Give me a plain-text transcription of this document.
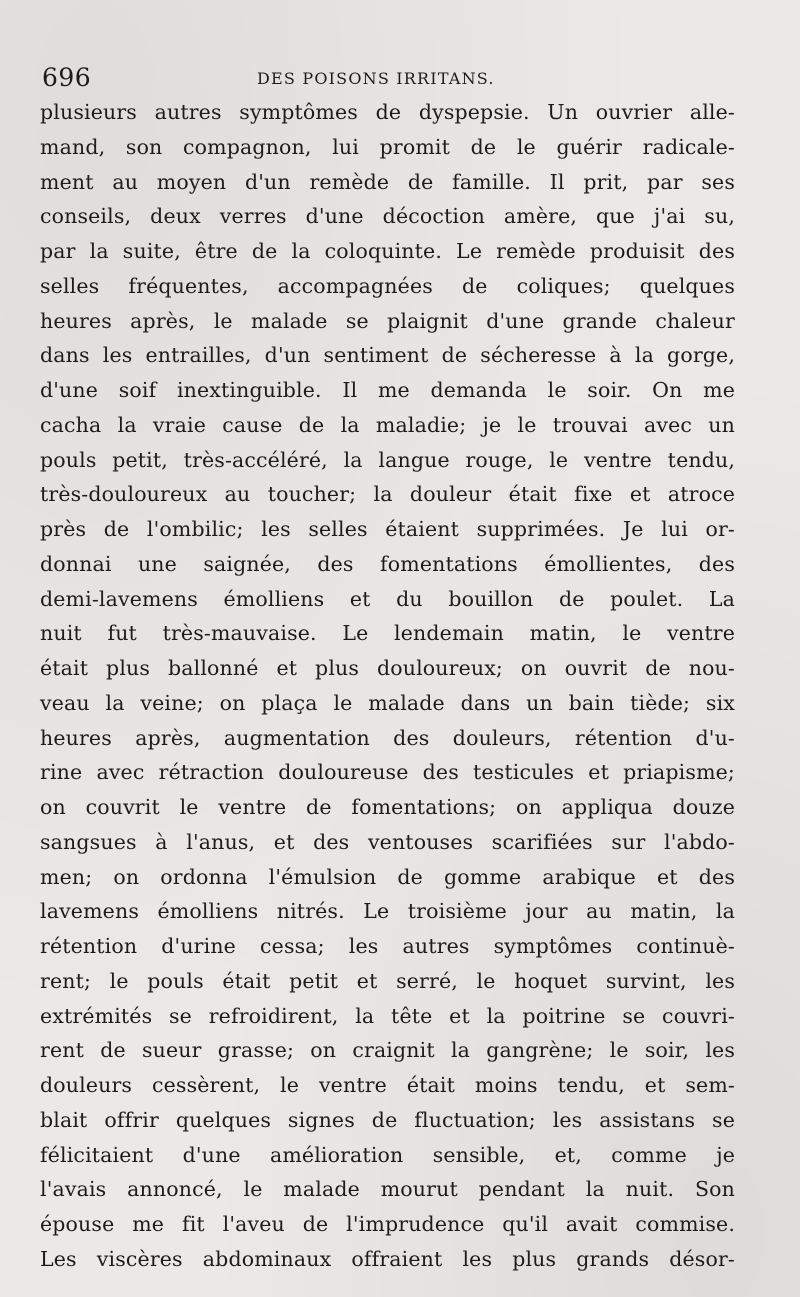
696	DES POISONS IRRITANS.
plusieurs autres symptômes de dyspepsie. Un ouvrier alle-
mand, son compagnon, lui promit de le guérir radicale-
ment au moyen d'un remède de famille. Il prit, par ses
conseils, deux verres d'une décoction amère, que j'ai su,
par la suite, être de la coloquinte. Le remède produisit des
selles fréquentes, accompagnées de coliques; quelques
heures après, le malade se plaignit d'une grande chaleur
dans les entrailles, d'un sentiment de sécheresse à la gorge,
d'une soif inextinguible. Il me demanda le soir. On me
cacha la vraie cause de la maladie; je le trouvai avec un
pouls petit, très-accéléré, la langue rouge, le ventre tendu,
très-douloureux au toucher; la douleur était fixe et atroce
près de l'ombilic; les selles étaient supprimées. Je lui or-
donnai une saignée, des fomentations émollientes, des
demi-lavemens émolliens et du bouillon de poulet. La
nuit fut très-mauvaise. Le lendemain matin, le ventre
était plus ballonné et plus douloureux; on ouvrit de nou-
veau la veine; on plaça le malade dans un bain tiède; six
heures après, augmentation des douleurs, rétention d'u-
rine avec rétraction douloureuse des testicules et priapisme;
on couvrit le ventre de fomentations; on appliqua douze
sangsues à l'anus, et des ventouses scarifiées sur l'abdo-
men; on ordonna l'émulsion de gomme arabique et des
lavemens émolliens nitrés. Le troisième jour au matin, la
rétention d'urine cessa; les autres symptômes continuè-
rent; le pouls était petit et serré, le hoquet survint, les
extrémités se refroidirent, la tête et la poitrine se couvri-
rent de sueur grasse; on craignit la gangrène; le soir, les
douleurs cessèrent, le ventre était moins tendu, et sem-
blait offrir quelques signes de fluctuation; les assistans se
félicitaient d'une amélioration sensible, et, comme je
l'avais annoncé, le malade mourut pendant la nuit. Son
épouse me fit l'aveu de l'imprudence qu'il avait commise.
Les viscères abdominaux offraient les plus grands désor-
